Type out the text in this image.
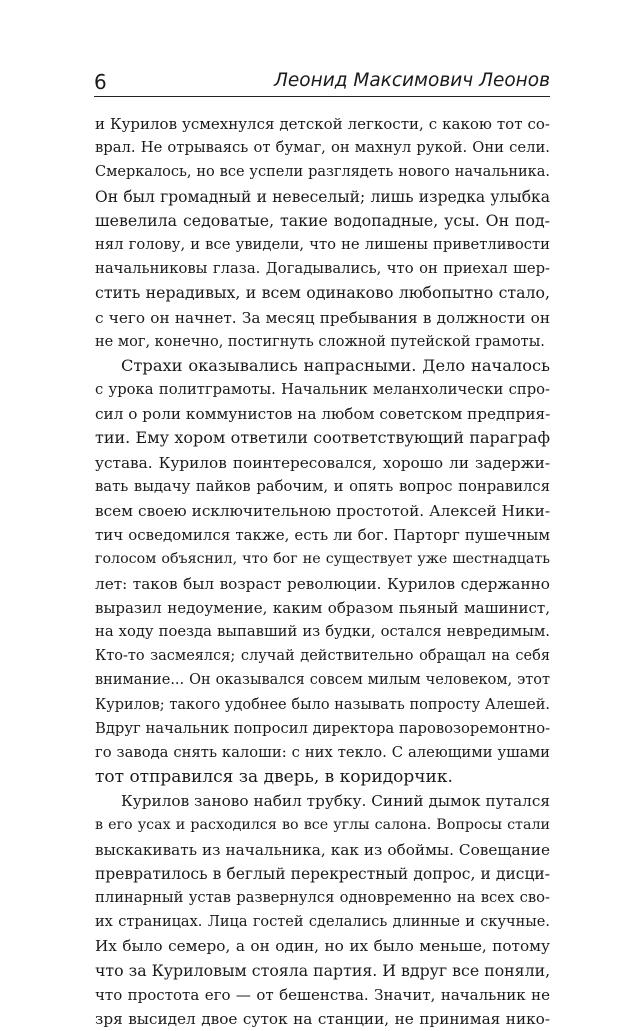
6	Леонид Максимович Леонов
и Курилов усмехнулся детской легкости, с какою тот со-
врал. Не отрываясь от бумаг, он махнул рукой. Они сели.
Смеркалось, но все успели разглядеть нового начальника.
Он был громадный и невеселый; лишь изредка улыбка
шевелила седоватые, такие водопадные, усы. Он под-
нял голову, и все увидели, что не лишены приветливости
начальниковы глаза. Догадывались, что он приехал шер-
стить нерадивых, и всем одинаково любопытно стало,
с чего он начнет. За месяц пребывания в должности он
не мог, конечно, постигнуть сложной путейской грамоты.
Страхи оказывались напрасными. Дело началось
с урока политграмоты. Начальник меланхолически спро-
сил о роли коммунистов на любом советском предприя-
тии. Ему хором ответили соответствующий параграф
устава. Курилов поинтересовался, хорошо ли задержи-
вать выдачу пайков рабочим, и опять вопрос понравился
всем своею исключительною простотой. Алексей Ники-
тич осведомился также, есть ли бог. Парторг пушечным
голосом объяснил, что бог не существует уже шестнадцать
лет: таков был возраст революции. Курилов сдержанно
выразил недоумение, каким образом пьяный машинист,
на ходу поезда выпавший из будки, остался невредимым.
Кто-то засмеялся; случай действительно обращал на себя
внимание... Он оказывался совсем милым человеком, этот
Курилов; такого удобнее было называть попросту Алешей.
Вдруг начальник попросил директора паровозоремонтно-
го завода снять калоши: с них текло. С алеющими ушами
тот отправился за дверь, в коридорчик.
Курилов заново набил трубку. Синий дымок путался
в его усах и расходился во все углы салона. Вопросы стали
выскакивать из начальника, как из обоймы. Совещание
превратилось в беглый перекрестный допрос, и дисци-
плинарный устав развернулся одновременно на всех сво-
их страницах. Лица гостей сделались длинные и скучные.
Их было семеро, а он один, но их было меньше, потому
что за Куриловым стояла партия. И вдруг все поняли,
что простота его — от бешенства. Значит, начальник не
зря высидел двое суток на станции, не принимая нико-
